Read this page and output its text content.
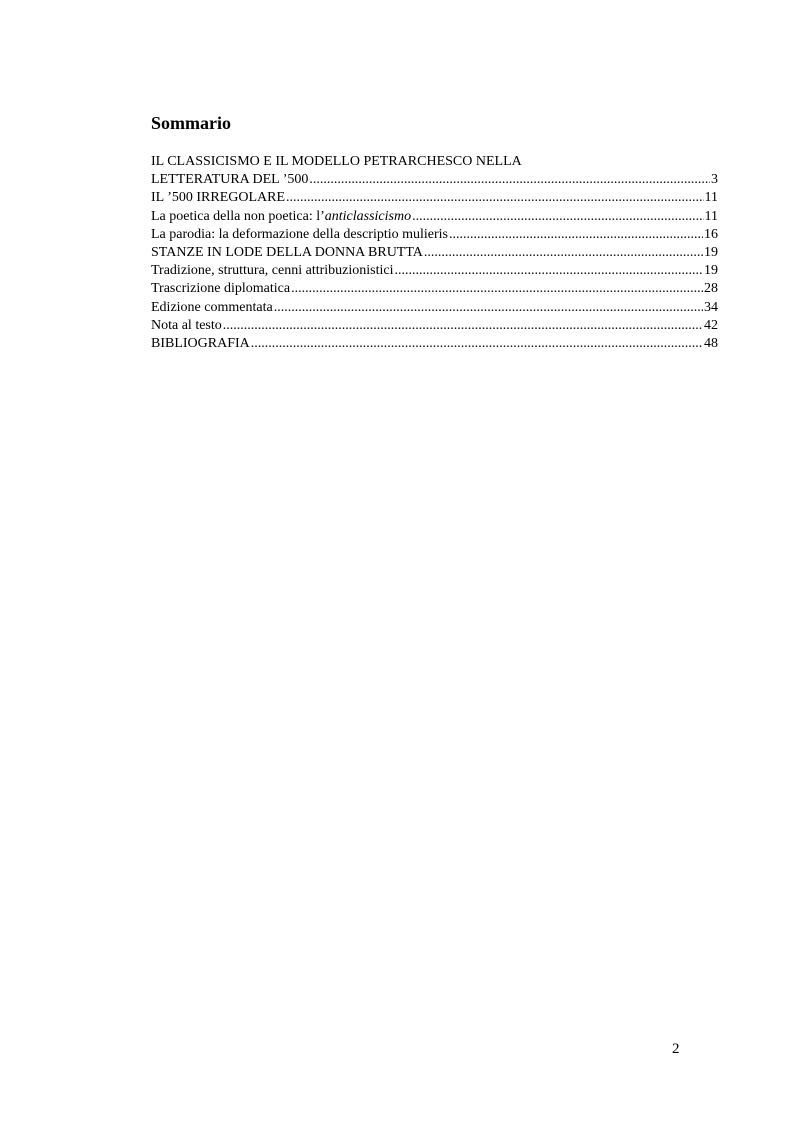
Sommario
IL CLASSICISMO E IL MODELLO PETRARCHESCO NELLA
LETTERATURA DEL ’500 .....	3
IL ’500 IRREGOLARE .....	11
La poetica della non poetica: l’anticlassicismo .....	11
La parodia: la deformazione della descriptio mulieris .....	16
STANZE IN LODE DELLA DONNA BRUTTA .....	19
Tradizione, struttura, cenni attribuzionistici .....	19
Trascrizione diplomatica .....	28
Edizione commentata .....	34
Nota al testo .....	42
BIBLIOGRAFIA .....	48
2
